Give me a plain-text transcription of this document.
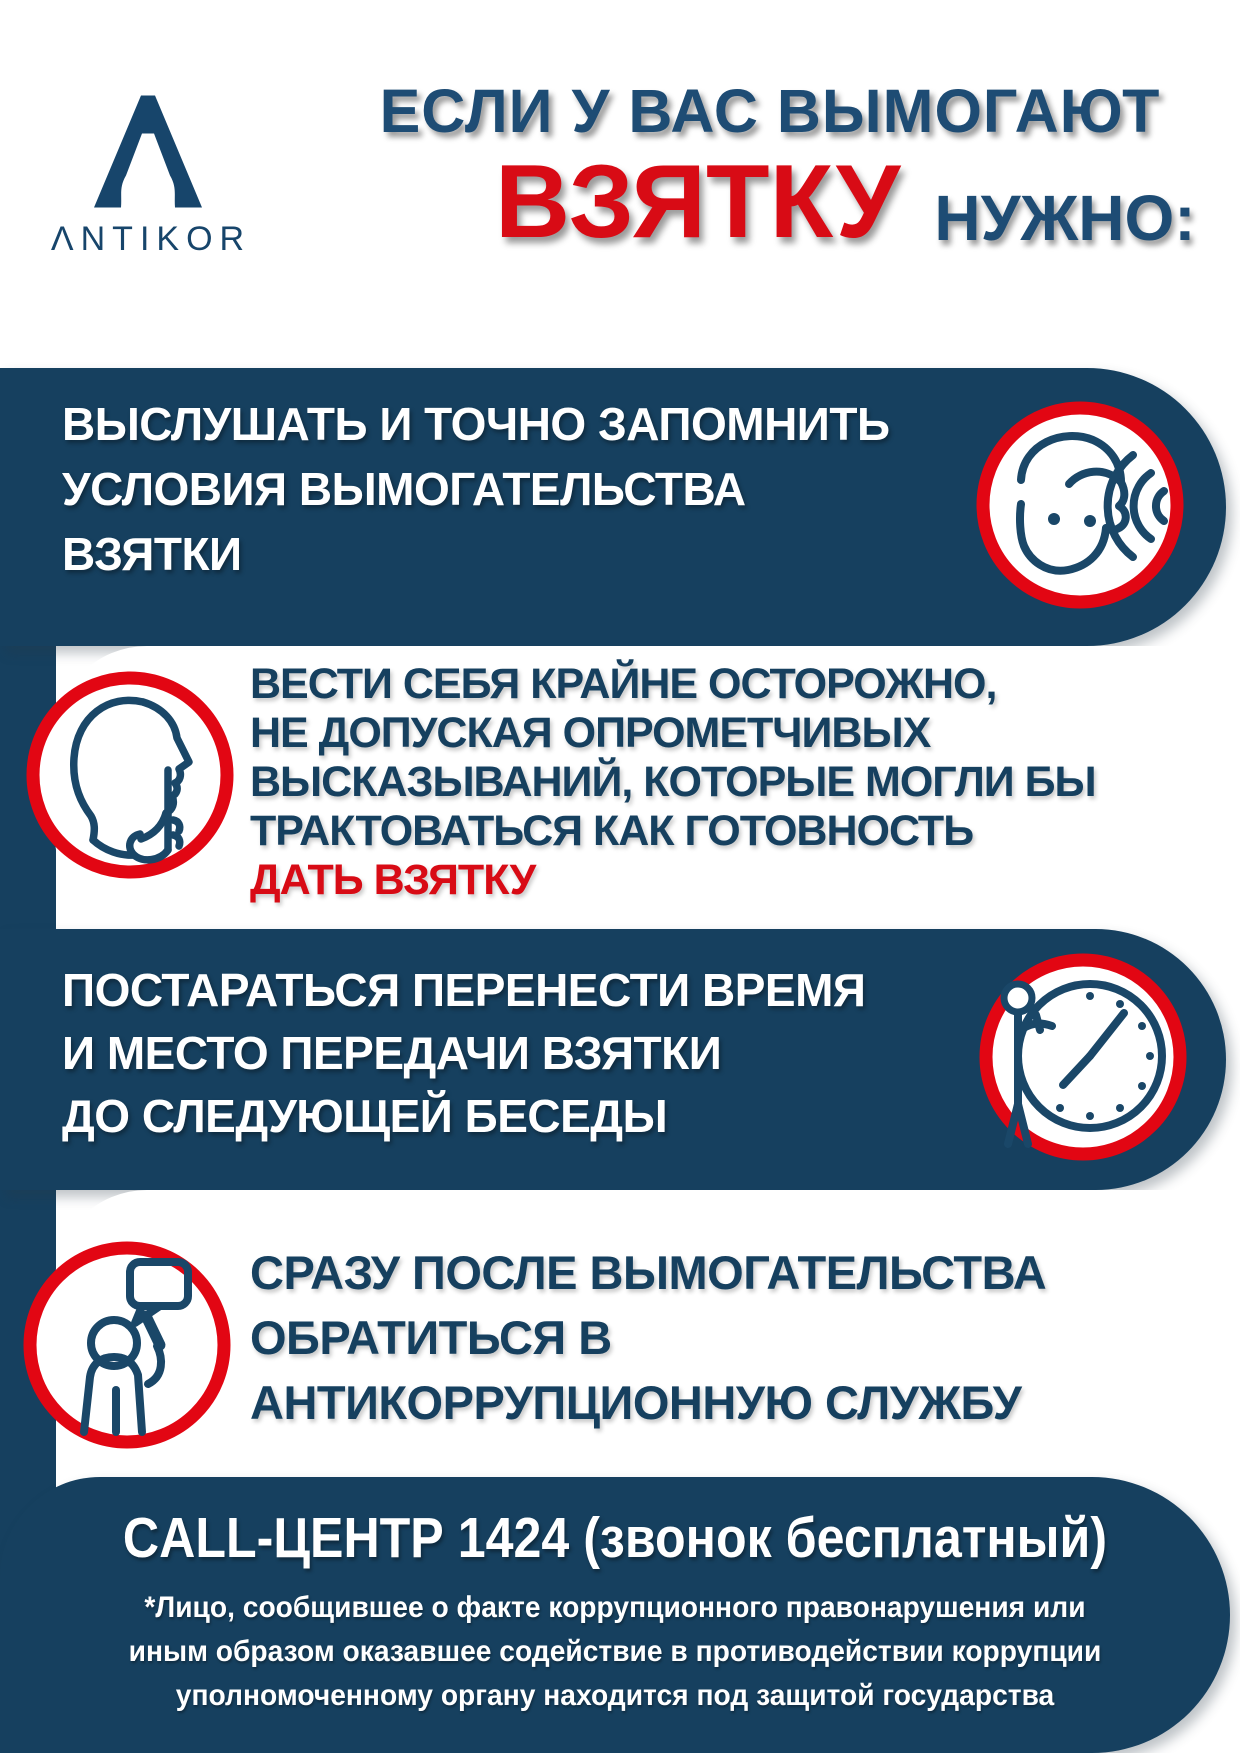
ΛNTIKOR
ЕСЛИ У ВАС ВЫМОГАЮТ
ВЗЯТКУ НУЖНО:
ВЫСЛУШАТЬ И ТОЧНО ЗАПОМНИТЬ
УСЛОВИЯ ВЫМОГАТЕЛЬСТВА
ВЗЯТКИ
ВЕСТИ СЕБЯ КРАЙНЕ ОСТОРОЖНО,
НЕ ДОПУСКАЯ ОПРОМЕТЧИВЫХ
ВЫСКАЗЫВАНИЙ, КОТОРЫЕ МОГЛИ БЫ
ТРАКТОВАТЬСЯ КАК ГОТОВНОСТЬ
ДАТЬ ВЗЯТКУ
ПОСТАРАТЬСЯ ПЕРЕНЕСТИ ВРЕМЯ
И МЕСТО ПЕРЕДАЧИ ВЗЯТКИ
ДО СЛЕДУЮЩЕЙ БЕСЕДЫ
СРАЗУ ПОСЛЕ ВЫМОГАТЕЛЬСТВА
ОБРАТИТЬСЯ В
АНТИКОРРУПЦИОННУЮ СЛУЖБУ
CALL-ЦЕНТР 1424 (звонок бесплатный)
*Лицо, сообщившее о факте коррупционного правонарушения или
иным образом оказавшее содействие в противодействии коррупции
уполномоченному органу находится под защитой государства
